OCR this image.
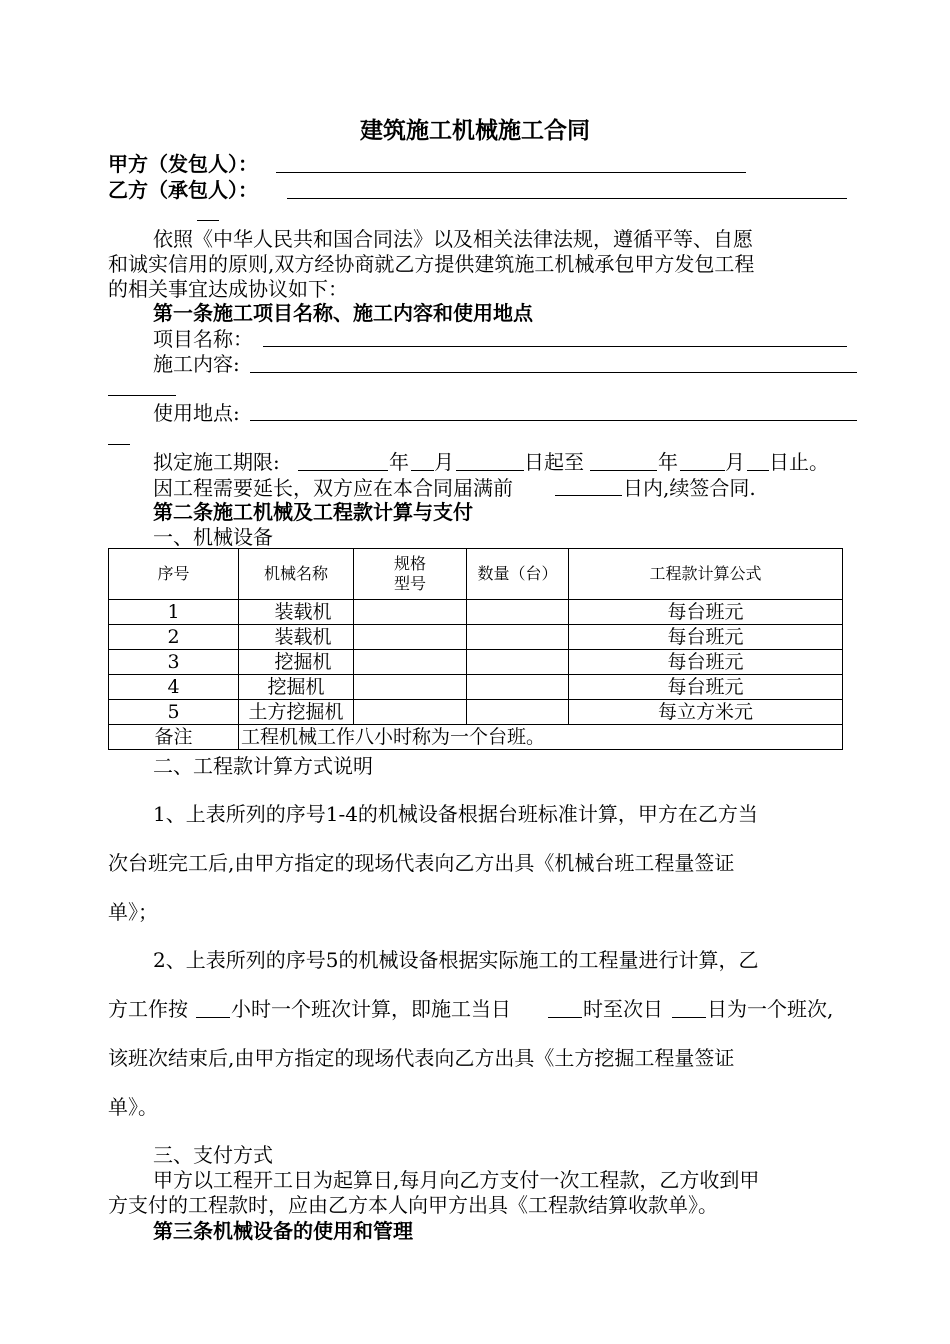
建筑施工机械施工合同
甲方（发包人）：
乙方（承包人）：
依照《中华人民共和国合同法》以及相关法律法规，遵循平等、自愿
和诚实信用的原则,双方经协商就乙方提供建筑施工机械承包甲方发包工程
的相关事宜达成协议如下：
第一条施工项目名称、施工内容和使用地点
项目名称：
施工内容:
使用地点:
拟定施工期限:	年 月	日起至	年 月 日止。
因工程需要延长，双方应在本合同届满前	日内,续签合同.
第二条施工机械及工程款计算与支付
一、机械设备
序号	机械名称	规格型号	数量（台）	工程款计算公式
1	装载机			每台班元
2	装载机			每台班元
3	挖掘机			每台班元
4	挖掘机			每台班元
5	土方挖掘机			每立方米元
备注	工程机械工作八小时称为一个台班。			
二、工程款计算方式说明
1、上表所列的序号1-4的机械设备根据台班标准计算，甲方在乙方当
次台班完工后,由甲方指定的现场代表向乙方出具《机械台班工程量签证
单》；
2、上表所列的序号5的机械设备根据实际施工的工程量进行计算，乙
方工作按 小时一个班次计算，即施工当日	时至次日 日为一个班次,
该班次结束后,由甲方指定的现场代表向乙方出具《土方挖掘工程量签证
单》。
三、支付方式
甲方以工程开工日为起算日,每月向乙方支付一次工程款，乙方收到甲
方支付的工程款时，应由乙方本人向甲方出具《工程款结算收款单》。
第三条机械设备的使用和管理
